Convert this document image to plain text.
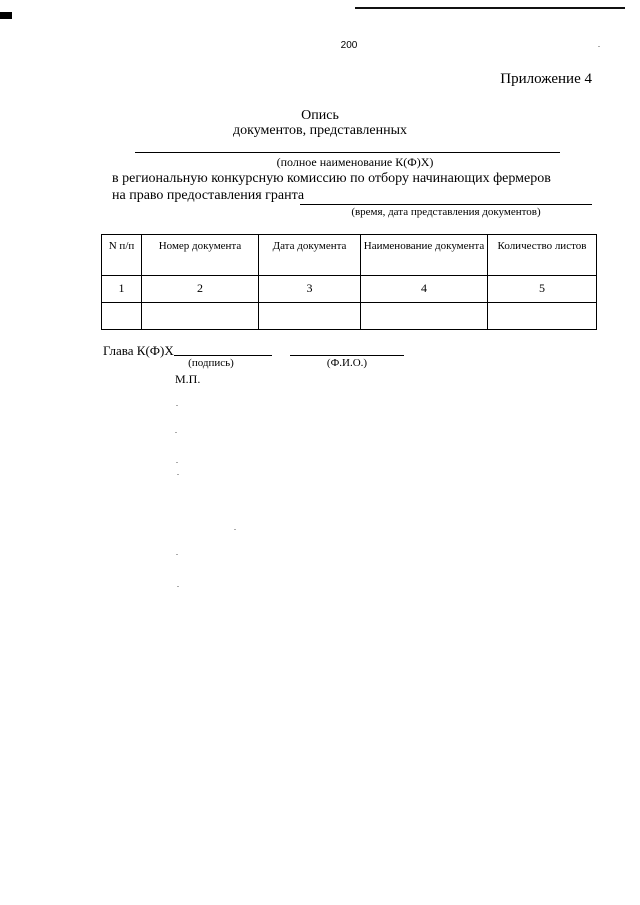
200
Приложение 4
Опись
документов, представленных
(полное наименование К(Ф)Х)
в региональную конкурсную комиссию по отбору начинающих фермеров
на право предоставления гранта
(время, дата представления документов)
N п/п	Номер документа	Дата документа	Наименование документа	Количество листов
1	2	3	4	5

Глава К(Ф)Х
(подпись)	(Ф.И.О.)
М.П.
